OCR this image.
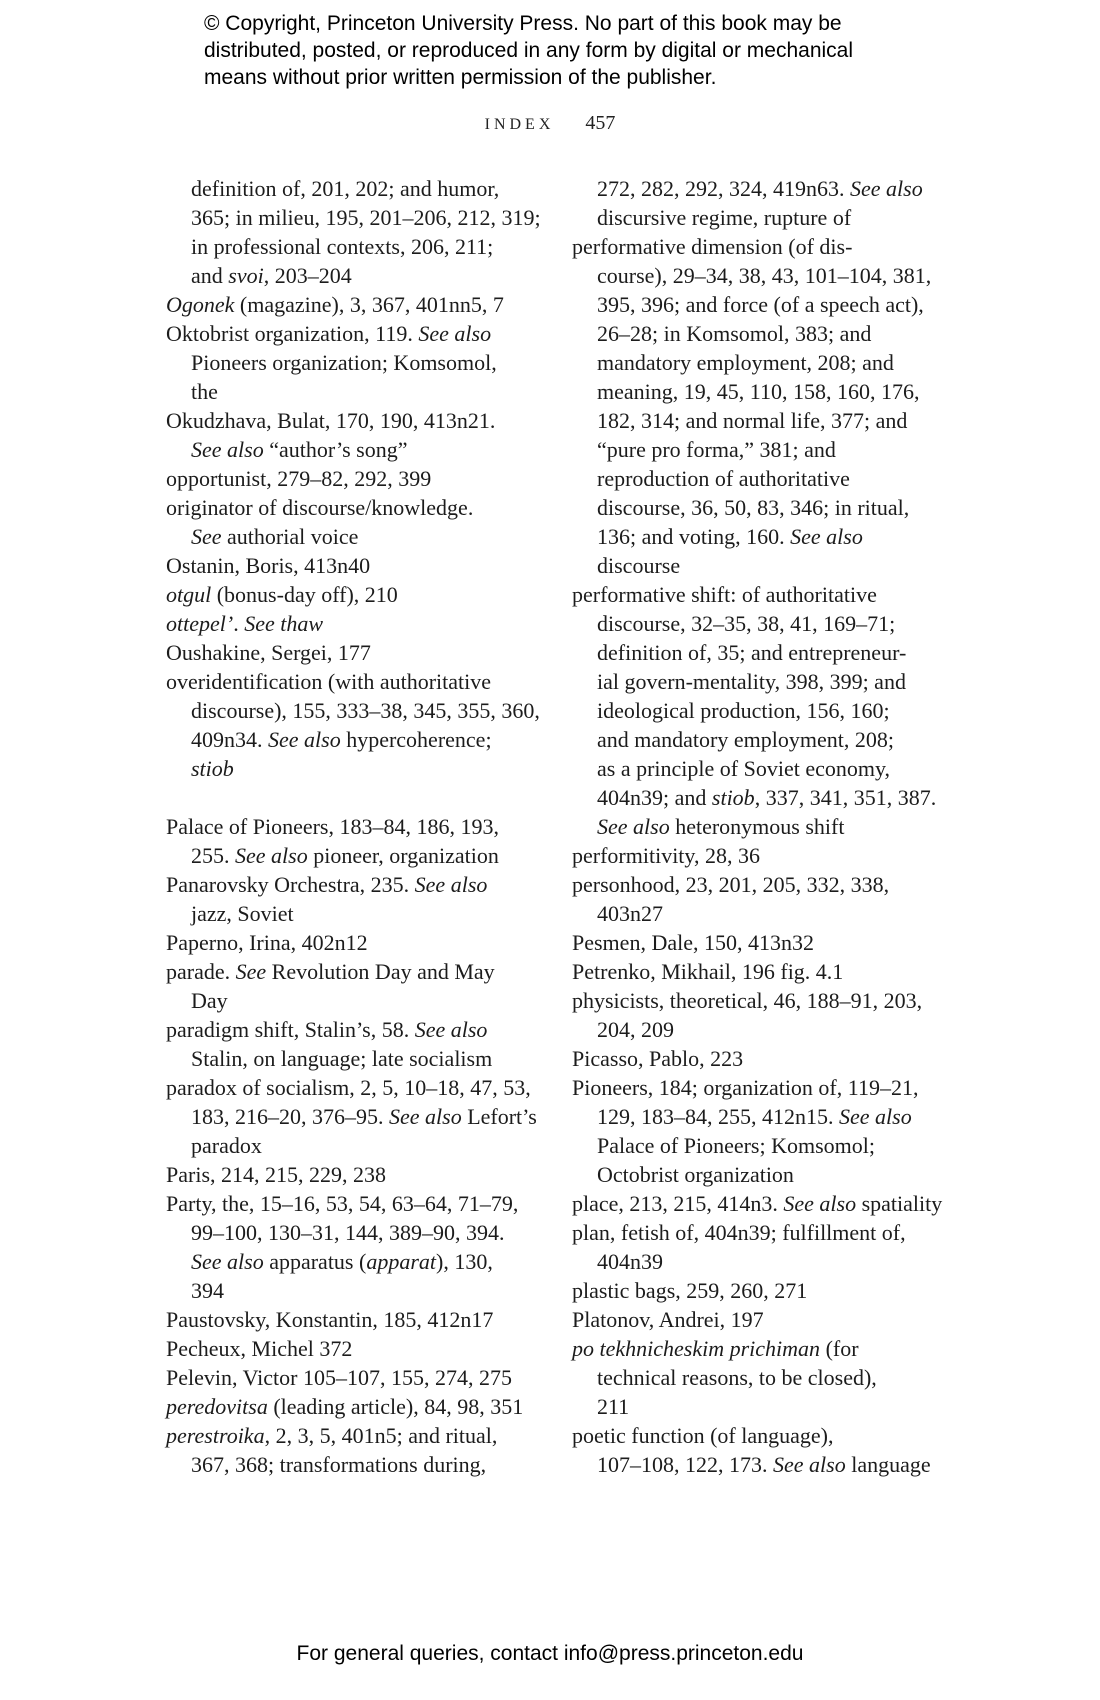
© Copyright, Princeton University Press. No part of this book may be
distributed, posted, or reproduced in any form by digital or mechanical
means without prior written permission of the publisher.
INDEX 457
definition of, 201, 202; and humor,
365; in milieu, 195, 201–206, 212, 319;
in professional contexts, 206, 211;
and svoi, 203–204
Ogonek (magazine), 3, 367, 401nn5, 7
Oktobrist organization, 119. See also
Pioneers organization; Komsomol,
the
Okudzhava, Bulat, 170, 190, 413n21.
See also “author’s song”
opportunist, 279–82, 292, 399
originator of discourse/knowledge.
See authorial voice
Ostanin, Boris, 413n40
otgul (bonus-day off), 210
ottepel’. See thaw
Oushakine, Sergei, 177
overidentification (with authoritative
discourse), 155, 333–38, 345, 355, 360,
409n34. See also hypercoherence;
stiob
Palace of Pioneers, 183–84, 186, 193,
255. See also pioneer, organization
Panarovsky Orchestra, 235. See also
jazz, Soviet
Paperno, Irina, 402n12
parade. See Revolution Day and May
Day
paradigm shift, Stalin’s, 58. See also
Stalin, on language; late socialism
paradox of socialism, 2, 5, 10–18, 47, 53,
183, 216–20, 376–95. See also Lefort’s
paradox
Paris, 214, 215, 229, 238
Party, the, 15–16, 53, 54, 63–64, 71–79,
99–100, 130–31, 144, 389–90, 394.
See also apparatus (apparat), 130,
394
Paustovsky, Konstantin, 185, 412n17
Pecheux, Michel 372
Pelevin, Victor 105–107, 155, 274, 275
peredovitsa (leading article), 84, 98, 351
perestroika, 2, 3, 5, 401n5; and ritual,
367, 368; transformations during,
272, 282, 292, 324, 419n63. See also
discursive regime, rupture of
performative dimension (of dis-
course), 29–34, 38, 43, 101–104, 381,
395, 396; and force (of a speech act),
26–28; in Komsomol, 383; and
mandatory employment, 208; and
meaning, 19, 45, 110, 158, 160, 176,
182, 314; and normal life, 377; and
“pure pro forma,” 381; and
reproduction of authoritative
discourse, 36, 50, 83, 346; in ritual,
136; and voting, 160. See also
discourse
performative shift: of authoritative
discourse, 32–35, 38, 41, 169–71;
definition of, 35; and entrepreneur-
ial govern-mentality, 398, 399; and
ideological production, 156, 160;
and mandatory employment, 208;
as a principle of Soviet economy,
404n39; and stiob, 337, 341, 351, 387.
See also heteronymous shift
performitivity, 28, 36
personhood, 23, 201, 205, 332, 338,
403n27
Pesmen, Dale, 150, 413n32
Petrenko, Mikhail, 196 fig. 4.1
physicists, theoretical, 46, 188–91, 203,
204, 209
Picasso, Pablo, 223
Pioneers, 184; organization of, 119–21,
129, 183–84, 255, 412n15. See also
Palace of Pioneers; Komsomol;
Octobrist organization
place, 213, 215, 414n3. See also spatiality
plan, fetish of, 404n39; fulfillment of,
404n39
plastic bags, 259, 260, 271
Platonov, Andrei, 197
po tekhnicheskim prichiman (for
technical reasons, to be closed),
211
poetic function (of language),
107–108, 122, 173. See also language
For general queries, contact info@press.princeton.edu
